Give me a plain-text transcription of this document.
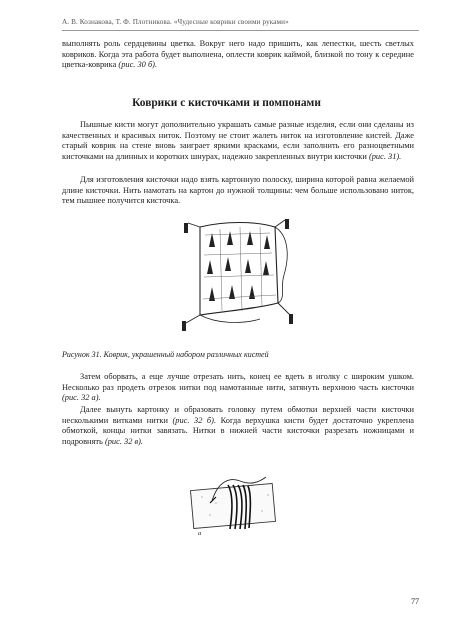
А. В. Кознакова, Т. Ф. Плотникова. «Чудесные коврики своими руками»

выполнять роль сердцевины цветка. Вокруг него надо пришить, как лепестки, шесть светлых ковриков. Когда эта работа будет выполнена, оплести коврик каймой, близкой по тону к середине цветка-коврика (рис. 30 б).

Коврики с кисточками и помпонами

Пышные кисти могут дополнительно украшать самые разные изделия, если они сделаны из качественных и красивых ниток. Поэтому не стоит жалеть ниток на изготовление кистей. Даже старый коврик на стене вновь заиграет яркими красками, если заполнить его разноцветными кисточками на длинных и коротких шнурах, надежно закрепленных внутри кисточки (рис. 31).

Для изготовления кисточки надо взять картонную полоску, ширина которой равна желаемой длине кисточки. Нить намотать на картон до нужной толщины: чем больше использовано ниток, тем пышнее получится кисточка.

Рисунок 31. Коврик, украшенный набором различных кистей

Затем оборвать, а еще лучше отрезать нить, конец ее вдеть в иголку с широким ушком. Несколько раз продеть отрезок нитки под намотанные нити, затянуть верхнюю часть кисточки (рис. 32 а).

Далее вынуть картонку и образовать головку путем обмотки верхней части кисточки несколькими витками нитки (рис. 32 б). Когда верхушка кисти будет достаточно укреплена обмоткой, концы нитки завязать. Нитки в нижней части кисточки разрезать ножницами и подровнять (рис. 32 в).

а
77
